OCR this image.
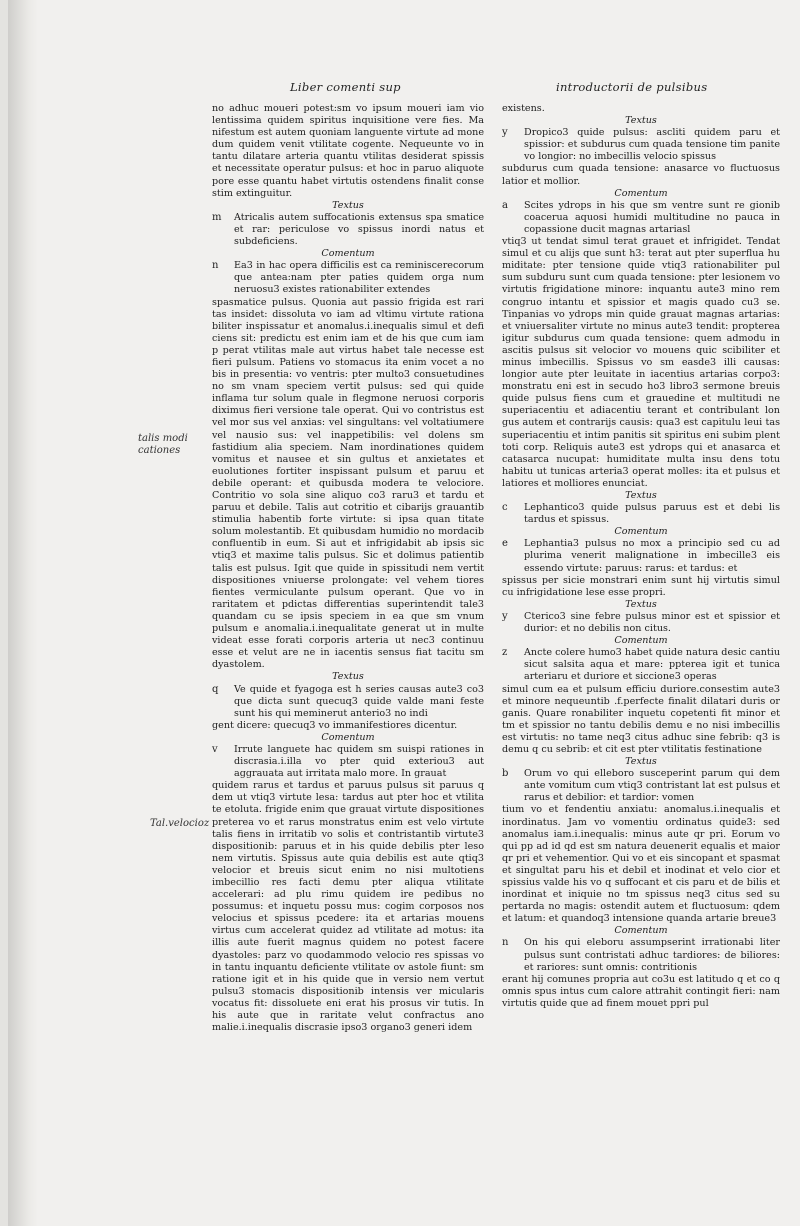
Liber comenti sup	introductorii de pulsibus
talis modi cationes
Tal.velocioz

no adhuc moueri potest:sm vo ipsum moueri iam vio lentissima quidem spiritus inquisitione vere fies. Ma nifestum est autem quoniam languente virtute ad mone dum quidem venit vtilitate cogente. Nequeunte vo in tantu dilatare arteria quantu vtilitas desiderat spissis et necessitate operatur pulsus: et hoc in paruo aliquote pore esse quantu habet virtutis ostendens finalit conse stim extinguitur.

Textus

m	Atricalis autem suffocationis extensus spa smatice et rar: periculose vo spissus inordi natus et subdeficiens.

Comentum

n	Ea3 in hac opera difficilis est ca reminiscerecorum que antea:nam pter paties quidem orga num neruosu3 existes rationabiliter extendes

spasmatice pulsus. Quonia aut passio frigida est rari tas insidet: dissoluta vo iam ad vltimu virtute rationa biliter inspissatur et anomalus.i.inequalis simul et defi ciens sit: predictu est enim iam et de his que cum iam p perat vtilitas male aut virtus habet tale necesse est fieri pulsum. Patiens vo stomacus ita enim vocet a no bis in presentia: vo ventris: pter multo3 consuetudines no sm vnam speciem vertit pulsus: sed qui quide inflama tur solum quale in flegmone neruosi corporis diximus fieri versione tale operat. Qui vo contristus est vel mor sus vel anxias: vel singultans: vel voltatiumere vel nausio sus: vel inappetibilis: vel dolens sm fastidium alia speciem. Nam inordinationes quidem vomitus et nausee et sin gultus et anxietates et euolutiones fortiter inspissant pulsum et paruu et debile operant: et quibusda modera te velociore. Contritio vo sola sine aliquo co3 raru3 et tardu et paruu et debile. Talis aut cotritio et cibarijs grauantib stimulia habentib forte virtute: si ipsa quan titate solum molestantib. Et quibusdam humidio no mordacib confluentib in eum. Si aut et infrigidabit ab ipsis sic vtiq3 et maxime talis pulsus. Sic et dolimus patientib talis est pulsus. Igit que quide in spissitudi nem vertit dispositiones vniuerse prolongate: vel vehem tiores fientes vermiculante pulsum operant. Que vo in raritatem et pdictas differentias superintendit tale3 quandam cu se ipsis speciem in ea que sm vnum pulsum e anomalia.i.inequalitate generat ut in multe videat esse forati corporis arteria ut nec3 continuu esse et velut are ne in iacentis sensus fiat tacitu sm dyastolem.

Textus

q	Ve quide et fyagoga est h series causas aute3 co3 que dicta sunt quecuq3 quide valde mani feste sunt his qui meminerut anterio3 no indi

gent dicere: quecuq3 vo immanifestiores dicentur.

Comentum

v	Irrute languete hac quidem sm suispi rationes in discrasia.i.illa vo pter quid exteriou3 aut aggrauata aut irritata malo more. In grauat

quidem rarus et tardus et paruus pulsus sit paruus q dem ut vtiq3 virtute lesa: tardus aut pter hoc et vtilita te etoluta. frigide enim que grauat virtute dispositiones preterea vo et rarus monstratus enim est velo virtute talis fiens in irritatib vo solis et contristantib virtute3 dispositionib: paruus et in his quide debilis pter leso nem virtutis. Spissus aute quia debilis est aute qtiq3 velocior et breuis sicut enim no nisi multotiens imbecillio res facti demu pter aliqua vtilitate accelerari: ad plu rimu quidem ire pedibus no possumus: et inquetu possu mus: cogim corposos nos velocius et spissus pcedere: ita et artarias mouens virtus cum accelerat quidez ad vtilitate ad motus: ita illis aute fuerit magnus quidem no potest facere dyastoles: parz vo quodammodo velocio res spissas vo in tantu inquantu deficiente vtilitate ov astole fiunt: sm ratione igit et in his quide que in versio nem vertut pulsu3 stomacis dispositionib intensis ver micularis vocatus fit: dissoluete eni erat his prosus vir tutis. In his aute que in raritate velut confractus ano malie.i.inequalis discrasie ipso3 organo3 generi idem

existens.

Textus

y	Dropico3 quide pulsus: ascliti quidem paru et spissior: et subdurus cum quada tensione tim panite vo longior: no imbecillis velocio spissus

subdurus cum quada tensione: anasarce vo fluctuosus latior et mollior.

Comentum

a	Scites ydrops in his que sm ventre sunt re gionib coacerua aquosi humidi multitudine no pauca in copassione ducit magnas artariasl

vtiq3 ut tendat simul terat grauet et infrigidet. Tendat simul et cu alijs que sunt h3: terat aut pter superflua hu miditate: pter tensione quide vtiq3 rationabiliter pul sum subduru sunt cum quada tensione: pter lesionem vo virtutis frigidatione minore: inquantu aute3 mino rem congruo intantu et spissior et magis quado cu3 se. Tinpanias vo ydrops min quide grauat magnas artarias: et vniuersaliter virtute no minus aute3 tendit: propterea igitur subdurus cum quada tensione: quem admodu in ascitis pulsus sit velocior vo mouens quic scibiliter et minus imbecillis. Spissus vo sm easde3 illi causas: longior aute pter leuitate in iacentius artarias corpo3: monstratu eni est in secudo ho3 libro3 sermone breuis quide pulsus fiens cum et grauedine et multitudi ne superiacentiu et adiacentiu terant et contribulant lon gus autem et contrarijs causis: qua3 est capitulu leui tas superiacentiu et intim panitis sit spiritus eni subim plent toti corp. Reliquis aute3 est ydrops qui et anasarca et catasarca nucupat: humiditate multa insu dens totu habitu ut tunicas arteria3 operat molles: ita et pulsus et latiores et molliores enunciat.

Textus

c	Lephantico3 quide pulsus paruus est et debi lis tardus et spissus.

Comentum

e	Lephantia3 pulsus no mox a principio sed cu ad plurima venerit malignatione in imbecille3 eis essendo virtute: paruus: rarus: et tardus: et

spissus per sicie monstrari enim sunt hij virtutis simul cu infrigidatione lese esse propri.

Textus

y	Cterico3 sine febre pulsus minor est et spissior et durior: et no debilis non citus.

Comentum

z	Ancte colere humo3 habet quide natura desic cantiu sicut salsita aqua et mare: ppterea igit et tunica arteriaru et duriore et siccione3 operas

simul cum ea et pulsum efficiu duriore.consestim aute3 et minore nequeuntib .f.perfecte finalit dilatari duris or ganis. Quare ronabiliter inquetu copetenti fit minor et tm et spissior no tantu debilis demu e no nisi imbecillis est virtutis: no tame neq3 citus adhuc sine febrib: q3 is demu q cu sebrib: et cit est pter vtilitatis festinatione

Textus

b	Orum vo qui elleboro susceperint parum qui dem ante vomitum cum vtiq3 contristant lat est pulsus et rarus et debilior: et tardior: vomen

tium vo et fendentiu anxiatu: anomalus.i.inequalis et inordinatus. Jam vo vomentiu ordinatus quide3: sed anomalus iam.i.inequalis: minus aute qr pri. Eorum vo qui pp ad id qd est sm natura deuenerit equalis et maior qr pri et vehementior. Qui vo et eis sincopant et spasmat et singultat paru his et debil et inodinat et velo cior et spissius valde his vo q suffocant et cis paru et de bilis et inordinat et iniquie no tm spissus neq3 citus sed su pertarda no magis: ostendit autem et fluctuosum: qdem et latum: et quandoq3 intensione quanda artarie breue3

Comentum

n	On his qui eleboru assumpserint irrationabi liter pulsus sunt contristati adhuc tardiores: de biliores: et rariores: sunt omnis: contritionis

erant hij comunes propria aut co3u est latitudo q et co q omnis spus intus cum calore attrahit contingit fieri: nam virtutis quide que ad finem mouet ppri pul
